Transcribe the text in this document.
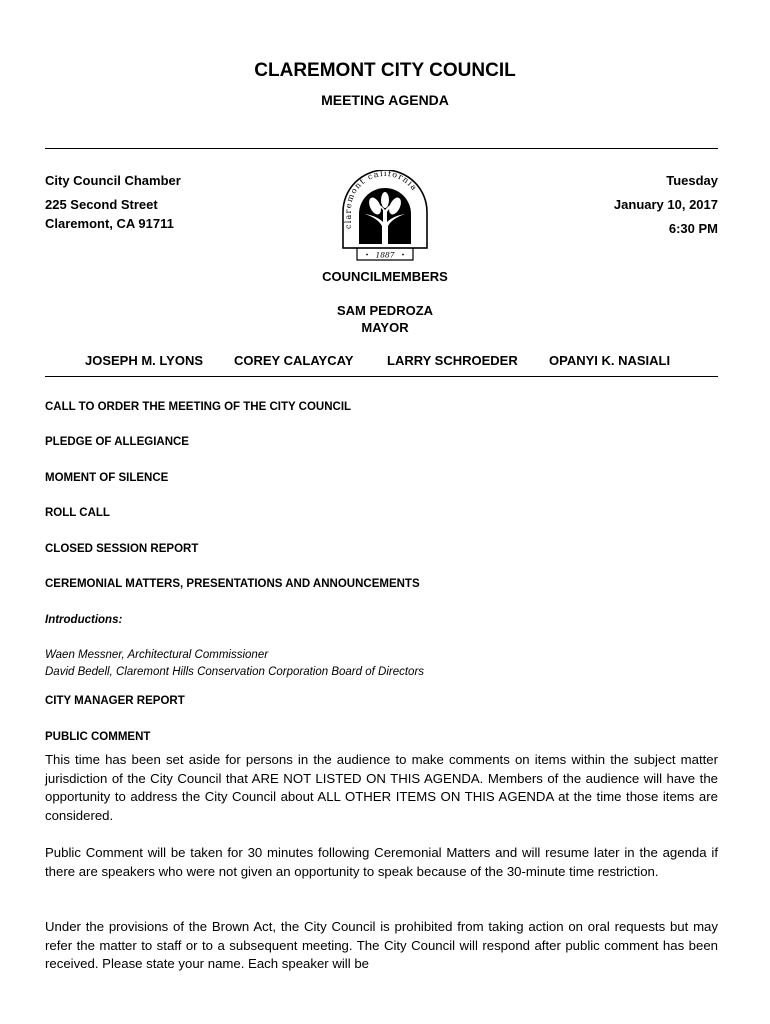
CLAREMONT CITY COUNCIL
MEETING AGENDA
City Council Chamber
225 Second Street
Claremont, CA 91711
Tuesday
January 10, 2017
6:30 PM
claremont california
1887
COUNCILMEMBERS
SAM PEDROZA
MAYOR
JOSEPH M. LYONS COREY CALAYCAY	LARRY SCHROEDER OPANYI K. NASIALI
CALL TO ORDER THE MEETING OF THE CITY COUNCIL
PLEDGE OF ALLEGIANCE
MOMENT OF SILENCE
ROLL CALL
CLOSED SESSION REPORT
CEREMONIAL MATTERS, PRESENTATIONS AND ANNOUNCEMENTS
Introductions:
Waen Messner, Architectural Commissioner
David Bedell, Claremont Hills Conservation Corporation Board of Directors
CITY MANAGER REPORT
PUBLIC COMMENT
This time has been set aside for persons in the audience to make comments on items within the subject matter jurisdiction of the City Council that ARE NOT LISTED ON THIS AGENDA. Members of the audience will have the opportunity to address the City Council about ALL OTHER ITEMS ON THIS AGENDA at the time those items are considered.
Public Comment will be taken for 30 minutes following Ceremonial Matters and will resume later in the agenda if there are speakers who were not given an opportunity to speak because of the 30-minute time restriction.
Under the provisions of the Brown Act, the City Council is prohibited from taking action on oral requests but may refer the matter to staff or to a subsequent meeting. The City Council will respond after public comment has been received. Please state your name. Each speaker will be
